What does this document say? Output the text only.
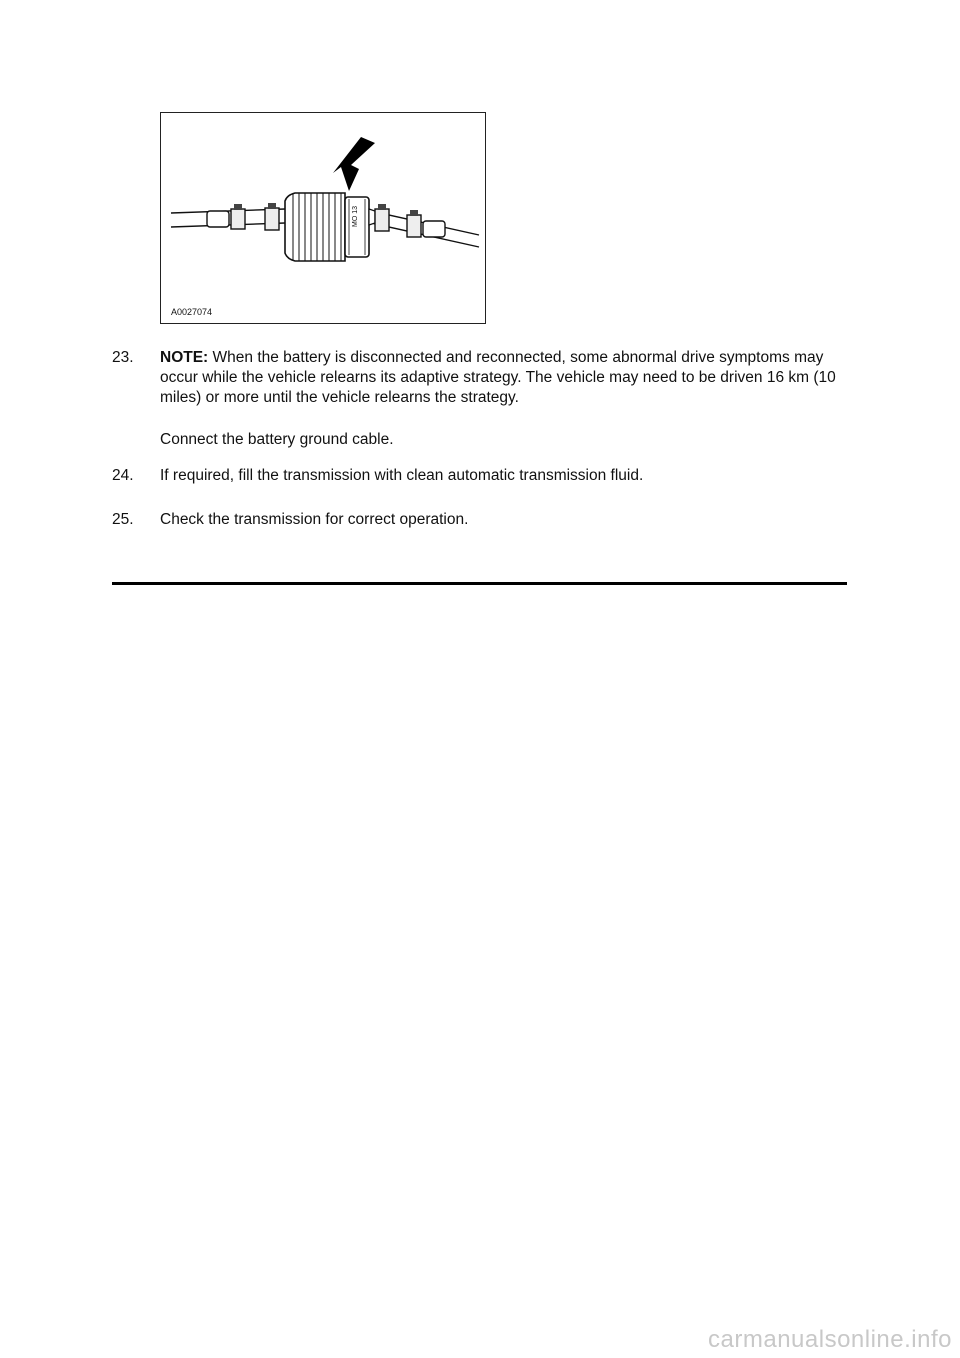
MO 13
A0027074
23.	NOTE: When the battery is disconnected and reconnected, some abnormal drive symptoms may occur while the vehicle relearns its adaptive strategy. The vehicle may need to be driven 16 km (10 miles) or more until the vehicle relearns the strategy.
Connect the battery ground cable.
24.	If required, fill the transmission with clean automatic transmission fluid.
25.	Check the transmission for correct operation.
carmanualsonline.info
